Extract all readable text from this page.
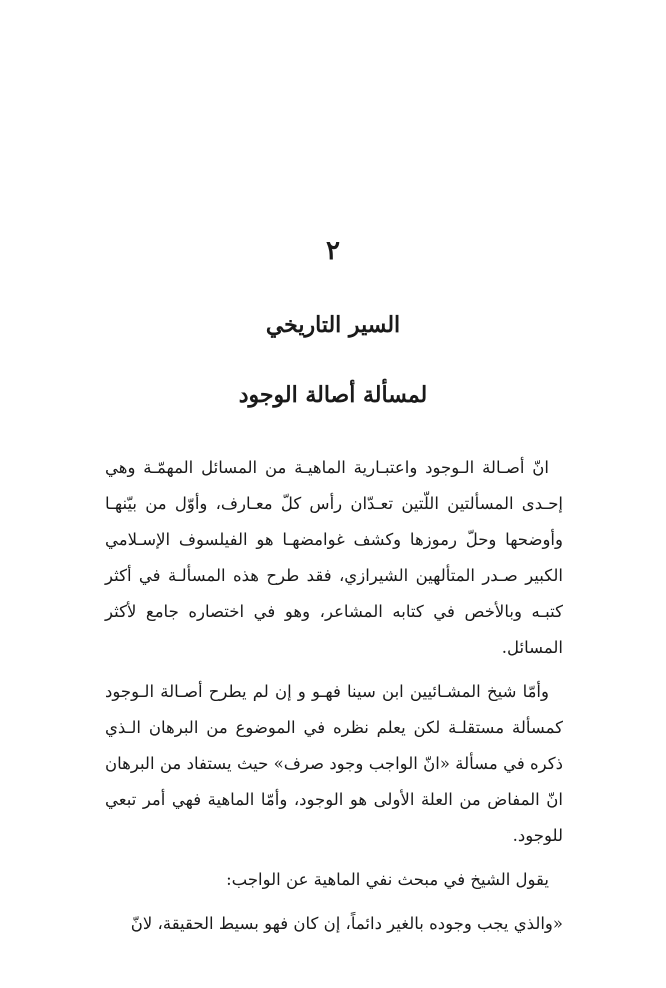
٢
السير التاريخي
لمسألة أصالة الوجود

انّ أصـالة الـوجود واعتبـارية الماهيـة من المسائل المهمّـة وهي إحـدى المسألتين اللّتين تعـدّان رأس كلّ معـارف، وأوّل من بيّنهـا وأوضحها وحلّ رموزها وكشف غوامضهـا هو الفيلسوف الإسـلامي الكبير صـدر المتألهين الشيرازي، فقد طرح هذه المسألـة في أكثر كتبـه وبالأخص في كتابه المشاعر، وهو في اختصاره جامع لأكثر المسائل.

وأمّا شيخ المشـائيين ابن سينا فهـو و إن لم يطرح أصـالة الـوجود كمسألة مستقلـة لكن يعلم نظره في الموضوع من البرهان الـذي ذكره في مسألة «انّ الواجب وجود صرف» حيث يستفاد من البرهان انّ المفاض من العلة الأولى هو الوجود، وأمّا الماهية فهي أمر تبعي للوجود.

يقول الشيخ في مبحث نفي الماهية عن الواجب:

«والذي يجب وجوده بالغير دائماً، إن كان فهو بسيط الحقيقة، لانّ
